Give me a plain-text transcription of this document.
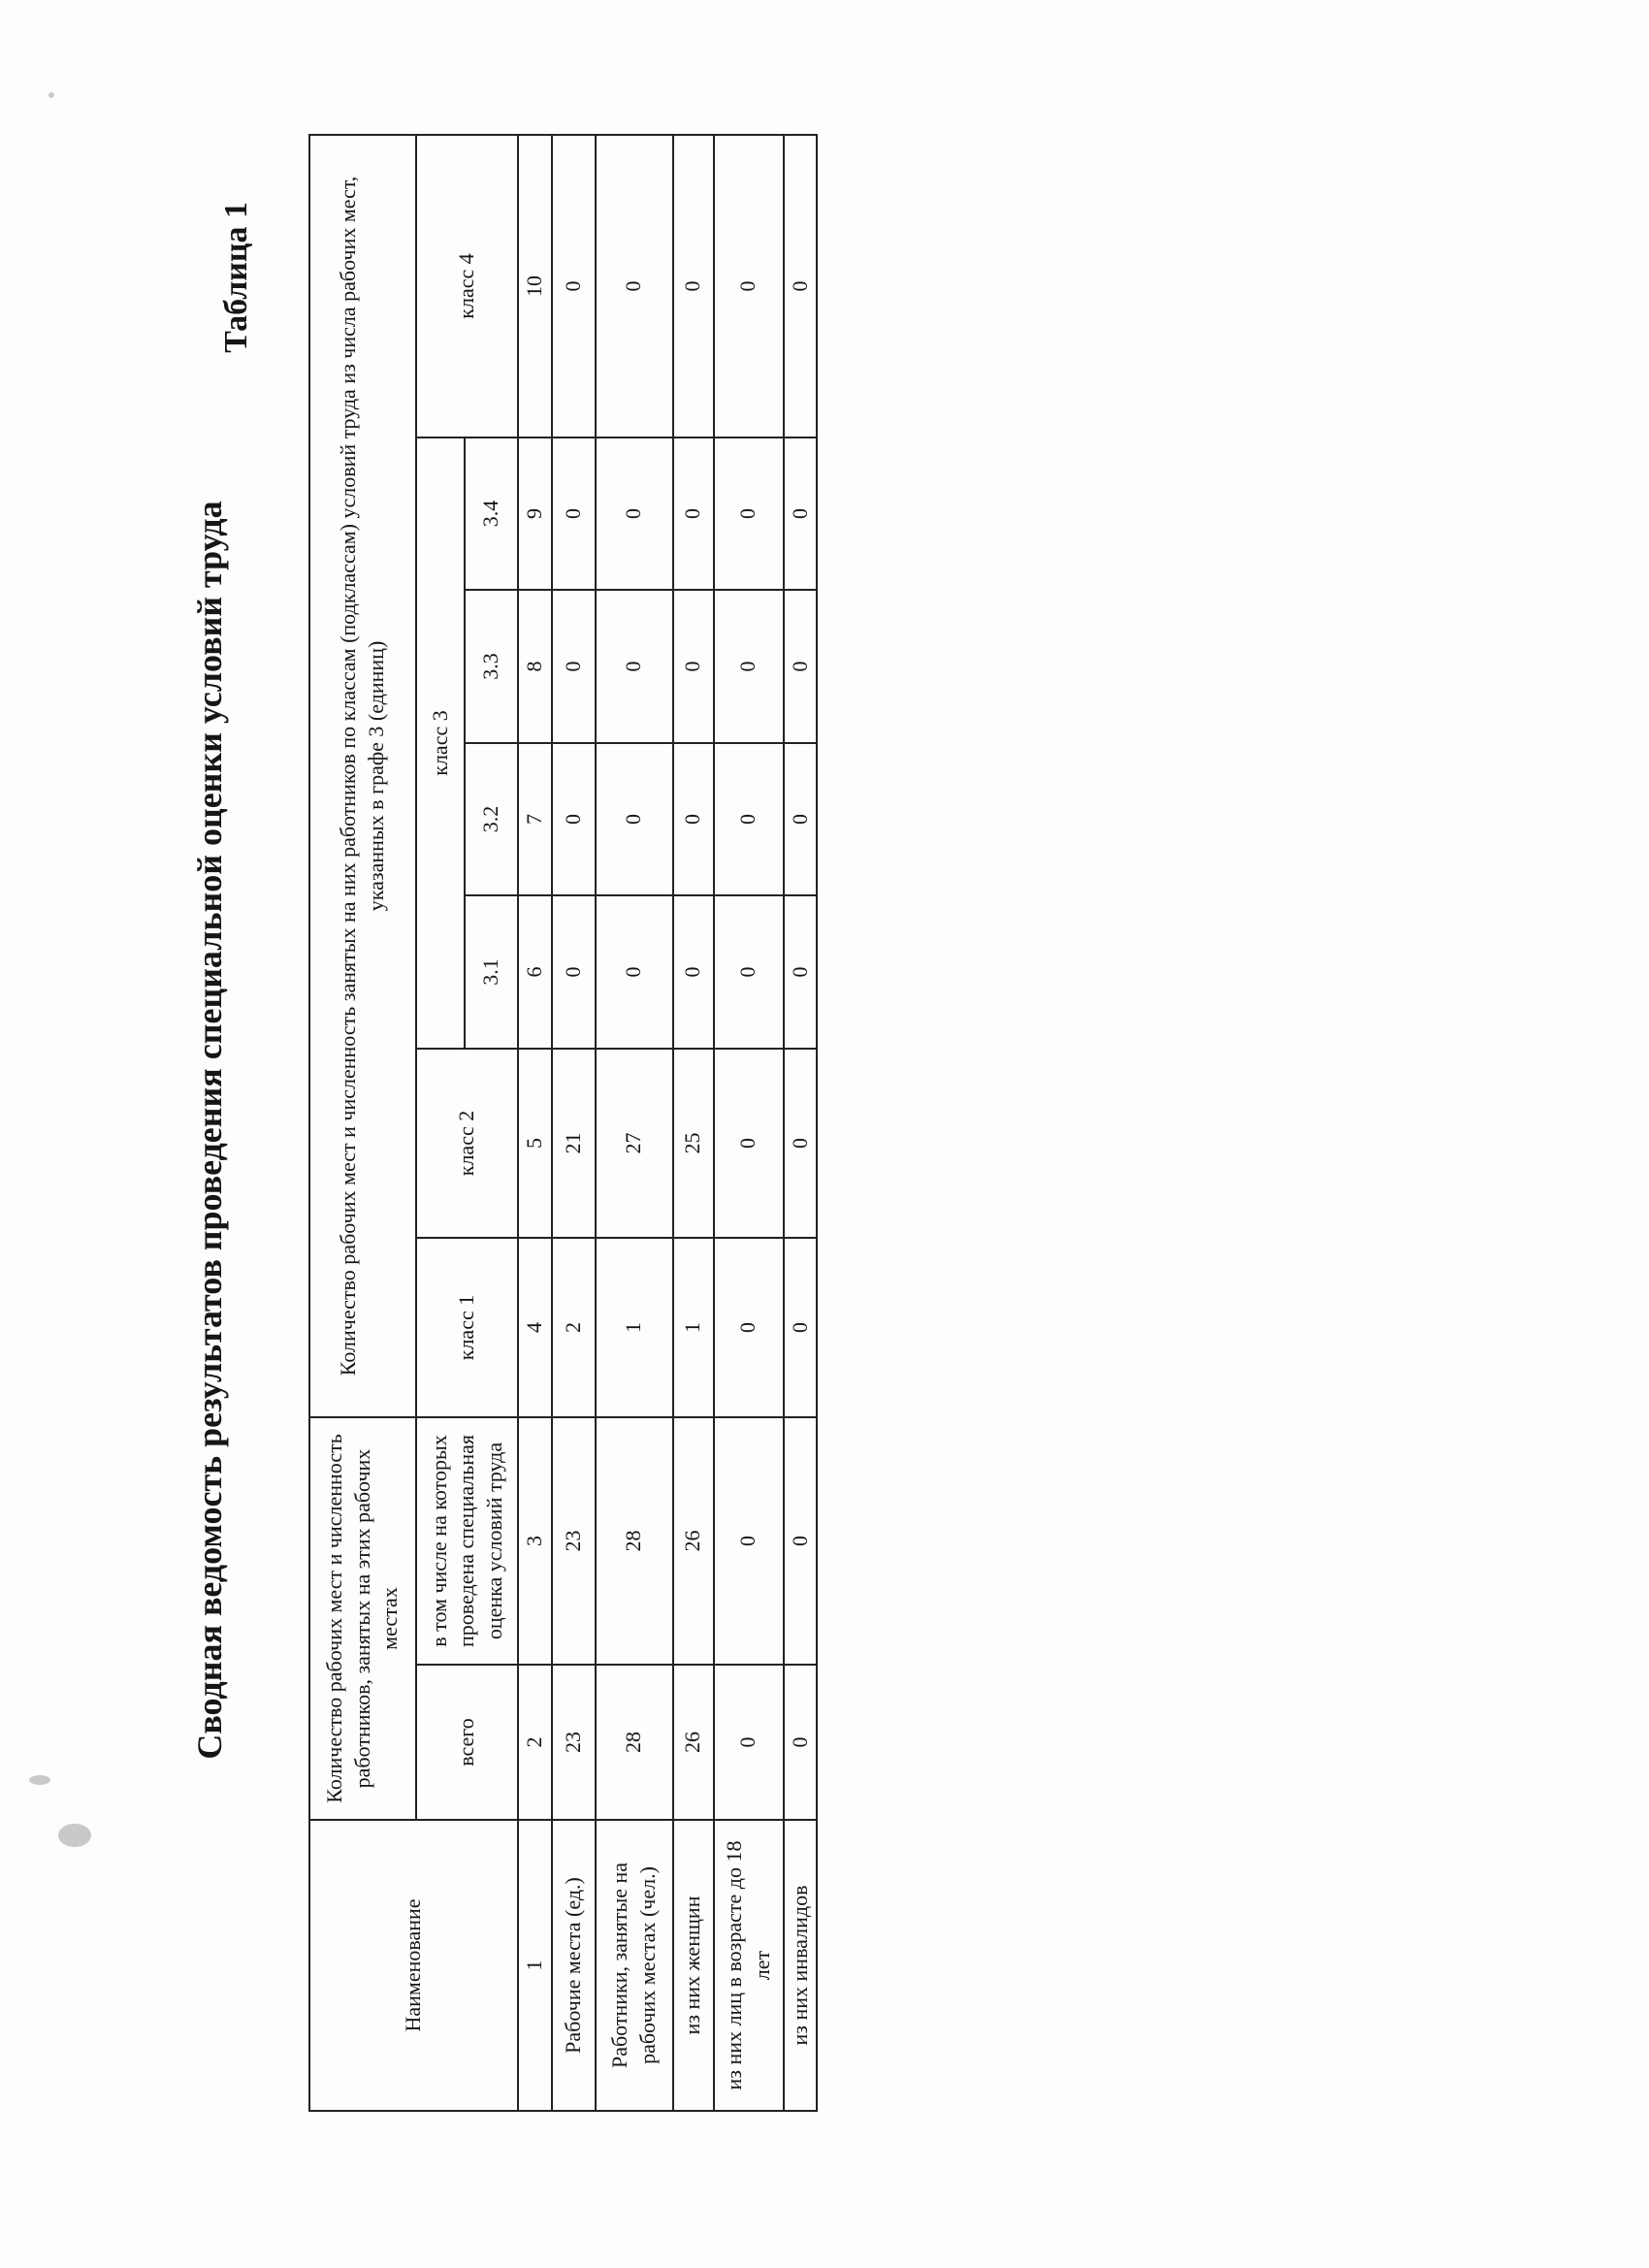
Сводная ведомость результатов проведения специальной оценки условий труда
Таблица 1
Наименование	Количество рабочих мест и численность работников, занятых на этих рабочих местах		Количество рабочих мест и численность занятых на них работников по классам (подклассам) условий труда из числа рабочих мест, указанных в графе 3 (единиц)						
	всего	в том числе на которых проведена специальная оценка условий труда	класс 1	класс 2	класс 3				класс 4
					3.1	3.2	3.3	3.4	
1	2	3	4	5	6	7	8	9	10
Рабочие места (ед.)	23	23	2	21	0	0	0	0	0
Работники, занятые на рабочих местах (чел.)	28	28	1	27	0	0	0	0	0
из них женщин	26	26	1	25	0	0	0	0	0
из них лиц в возрасте до 18 лет	0	0	0	0	0	0	0	0	0
из них инвалидов	0	0	0	0	0	0	0	0	0
